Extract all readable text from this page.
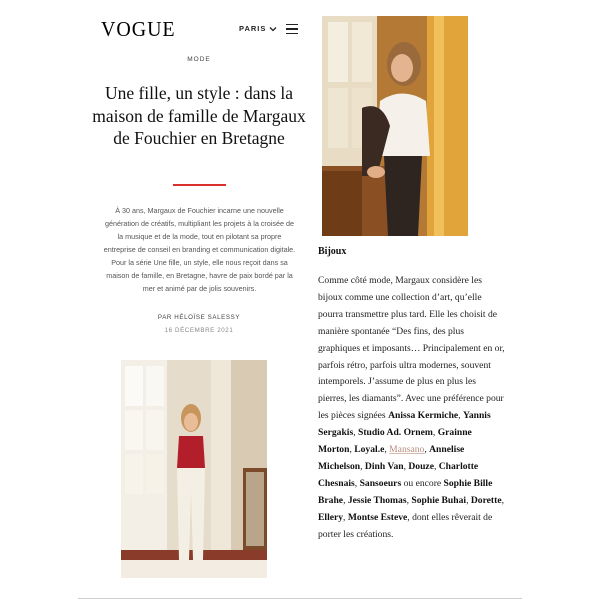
VOGUE	PARIS
MODE
Une fille, un style : dans la maison de famille de Margaux de Fouchier en Bretagne

À 30 ans, Margaux de Fouchier incarne une nouvelle génération de créatifs, multipliant les projets à la croisée de la musique et de la mode, tout en pilotant sa propre entreprise de conseil en branding et communication digitale. Pour la série Une fille, un style, elle nous reçoit dans sa maison de famille, en Bretagne, havre de paix bordé par la mer et animé par de jolis souvenirs.

PAR HÉLOÏSE SALESSY
16 DÉCEMBRE 2021
Bijoux

Comme côté mode, Margaux considère les bijoux comme une collection d’art, qu’elle pourra transmettre plus tard. Elle les choisit de manière spontanée “Des fins, des plus graphiques et imposants… Principalement en or, parfois rétro, parfois ultra modernes, souvent intemporels. J’assume de plus en plus les pierres, les diamants”. Avec une préférence pour les pièces signées Anissa Kermiche, Yannis Sergakis, Studio Ad. Ornem, Grainne Morton, Loyal.e, Mansano, Annelise Michelson, Dinh Van, Douze, Charlotte Chesnais, Sansoeurs ou encore Sophie Bille Brahe, Jessie Thomas, Sophie Buhai, Dorette, Ellery, Montse Esteve, dont elles rêverait de porter les créations.
